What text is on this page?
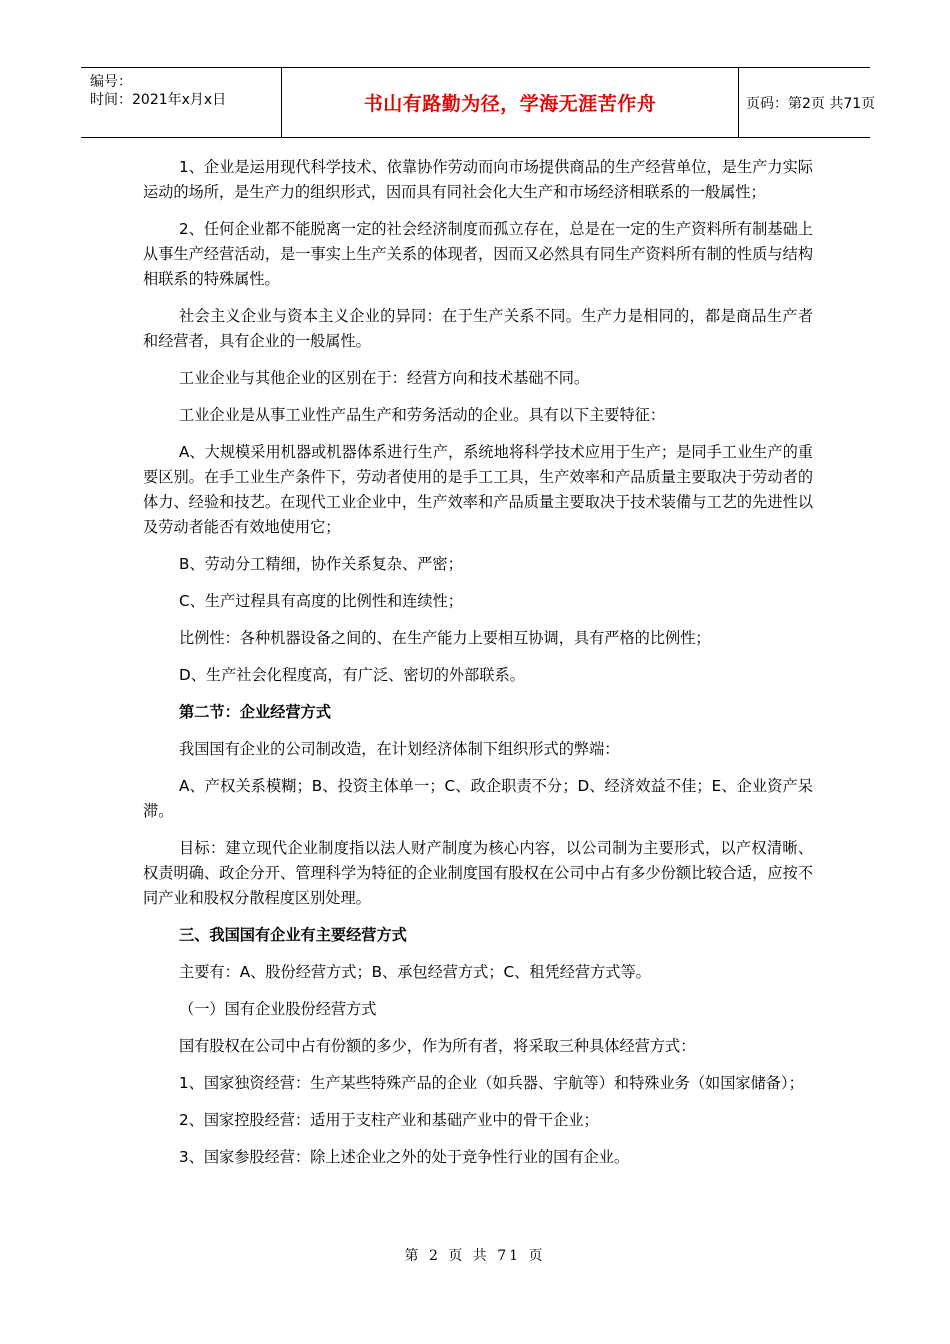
编号：
时间：2021年x月x日	书山有路勤为径，学海无涯苦作舟	页码：第2页 共71页

1、企业是运用现代科学技术、依靠协作劳动而向市场提供商品的生产经营单位，是生产力实际运动的场所，是生产力的组织形式，因而具有同社会化大生产和市场经济相联系的一般属性；

2、任何企业都不能脱离一定的社会经济制度而孤立存在，总是在一定的生产资料所有制基础上从事生产经营活动，是一事实上生产关系的体现者，因而又必然具有同生产资料所有制的性质与结构相联系的特殊属性。

社会主义企业与资本主义企业的异同：在于生产关系不同。生产力是相同的，都是商品生产者和经营者，具有企业的一般属性。

工业企业与其他企业的区别在于：经营方向和技术基础不同。

工业企业是从事工业性产品生产和劳务活动的企业。具有以下主要特征：

A、大规模采用机器或机器体系进行生产，系统地将科学技术应用于生产；是同手工业生产的重要区别。在手工业生产条件下，劳动者使用的是手工工具，生产效率和产品质量主要取决于劳动者的体力、经验和技艺。在现代工业企业中，生产效率和产品质量主要取决于技术装備与工艺的先进性以及劳动者能否有效地使用它；

B、劳动分工精细，协作关系复杂、严密；

C、生产过程具有高度的比例性和连续性；

比例性：各种机器设备之间的、在生产能力上要相互协调，具有严格的比例性；

D、生产社会化程度高，有广泛、密切的外部联系。

第二节：企业经营方式

我国国有企业的公司制改造，在计划经济体制下组织形式的弊端：

A、产权关系模糊；B、投资主体单一；C、政企职责不分；D、经济效益不佳；E、企业资产呆滞。

目标：建立现代企业制度指以法人财产制度为核心内容，以公司制为主要形式，以产权清晰、权责明确、政企分开、管理科学为特征的企业制度国有股权在公司中占有多少份额比较合适，应按不同产业和股权分散程度区别处理。

三、我国国有企业有主要经营方式

主要有：A、股份经营方式；B、承包经营方式；C、租凭经营方式等。

（一）国有企业股份经营方式

国有股权在公司中占有份额的多少，作为所有者，将采取三种具体经营方式：

1、国家独资经营：生产某些特殊产品的企业（如兵器、宇航等）和特殊业务（如国家储备）；

2、国家控股经营：适用于支柱产业和基础产业中的骨干企业；

3、国家参股经营：除上述企业之外的处于竞争性行业的国有企业。

第 2 页 共 71 页
